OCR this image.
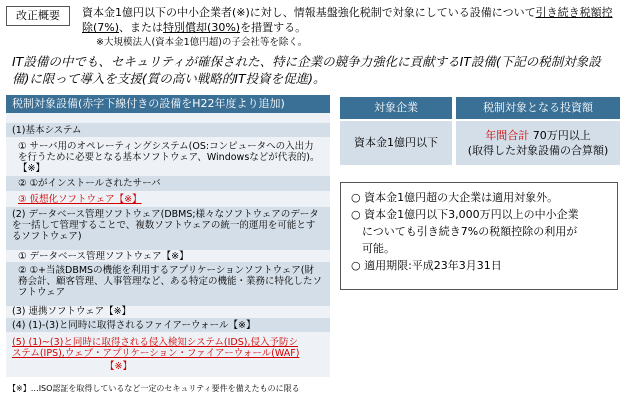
改正概要	資本金1億円以下の中小企業者(※)に対し、情報基盤強化税制で対象にしている設備について引き続き税額控除(7%)、または特別償却(30%)を措置する。
※大規模法人(資本金1億円超)の子会社等を除く。
IT設備の中でも、セキュリティが確保された、特に企業の競争力強化に貢献するIT設備(下記の税制対象設備)に限って導入を支援(質の高い戦略的IT投資を促進)。
税制対象設備(赤字下線付きの設備をH22年度より追加)
(1)基本システム
① サーバ用のオペレーティングシステム(OS:コンピュータへの入出力を行うために必要となる基本ソフトウェア、Windowsなどが代表的)。【※】
② ①がインストールされたサーバ
③ 仮想化ソフトウェア【※】
(2) データベース管理ソフトウェア(DBMS;様々なソフトウェアのデータを一括して管理することで、複数ソフトウェアの統一的運用を可能とするソフトウェア)
① データベース管理ソフトウェア【※】
② ①+当該DBMSの機能を利用するアプリケーションソフトウェア(財務会計、顧客管理、人事管理など、ある特定の機能・業務に特化したソフトウェア
(3) 連携ソフトウェア【※】
(4) (1)-(3)と同時に取得されるファイアーウォール【※】
(5) (1)~(3)と同時に取得される侵入検知システム(IDS),侵入予防システム(IPS),ウェブ・アプリケーション・ファイアーウォール(WAF)
【※】
【※】…ISO認証を取得しているなど一定のセキュリティ要件を備えたものに限る
対象企業	税制対象となる投資額
資本金1億円以下
年間合計 70万円以上
(取得した対象設備の合算額)

○ 資本金1億円超の大企業は適用対象外。

○ 資本金1億円以下3,000万円以上の中小企業

　についても引き続き7%の税額控除の利用が

　可能。

○ 適用期限:平成23年3月31日
